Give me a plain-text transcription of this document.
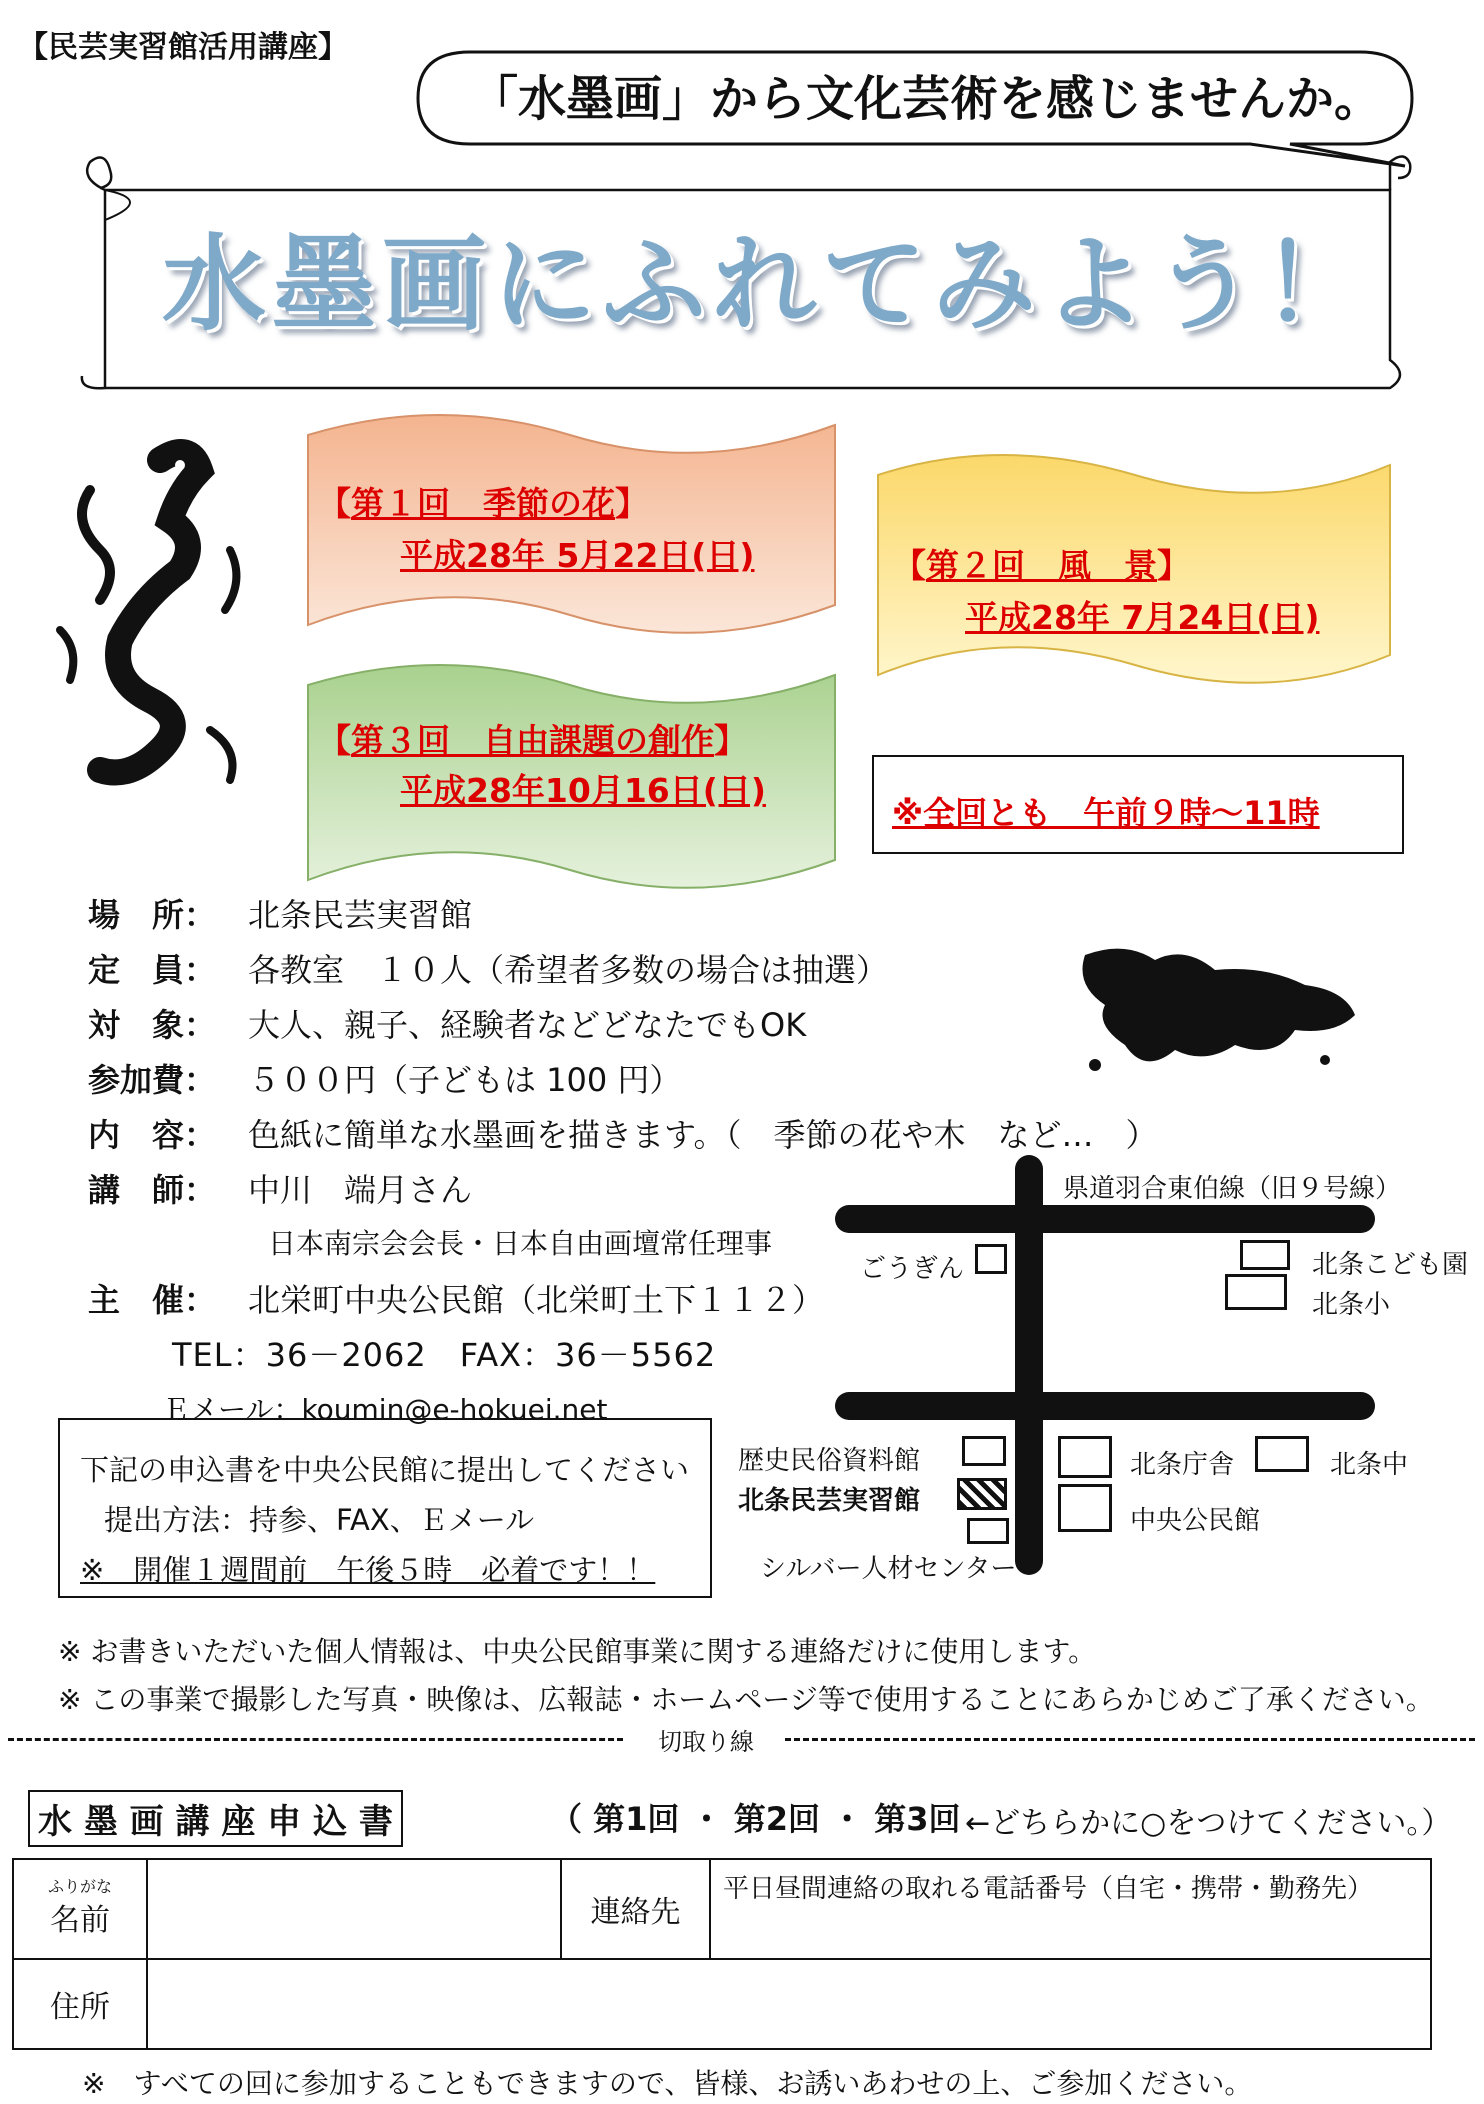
【民芸実習館活用講座】
「水墨画」から文化芸術を感じませんか。
水墨画にふれてみよう！
【第１回　季節の花】
平成28年 5月22日(日)	【第２回　風　景】
平成28年 7月24日(日)
【第３回　自由課題の創作】
平成28年10月16日(日)
※全回とも　午前９時～11時
場　所： 北条民芸実習館
定　員： 各教室　１０人（希望者多数の場合は抽選）
対　象： 大人、親子、経験者などどなたでもOK
参加費： ５００円（子どもは 100 円）
内　容： 色紙に簡単な水墨画を描きます。（　季節の花や木　など…　）
講　師： 中川　端月さん
日本南宗会会長・日本自由画壇常任理事
主　催： 北栄町中央公民館（北栄町土下１１２）
TEL：36－2062　FAX：36－5562
Ｅメール：koumin@e-hokuei.net
下記の申込書を中央公民館に提出してください
提出方法：持参、FAX、Ｅメール
※　開催１週間前　午後５時　必着です！！
県道羽合東伯線（旧９号線）
ごうぎん	北条こども園
北条小
歴史民俗資料館
北条民芸実習館
シルバー人材センター
北条庁舎	北条中
中央公民館
※ お書きいただいた個人情報は、中央公民館事業に関する連絡だけに使用します。
※ この事業で撮影した写真・映像は、広報誌・ホームページ等で使用することにあらかじめご了承ください。
切取り線
水 墨 画 講 座 申 込 書	（ 第1回 ・ 第2回 ・ 第3回 ←どちらかに○をつけてください。）
ふりがな
名前		連絡先	平日昼間連絡の取れる電話番号（自宅・携帯・勤務先）
住所			
※　すべての回に参加することもできますので、皆様、お誘いあわせの上、ご参加ください。
